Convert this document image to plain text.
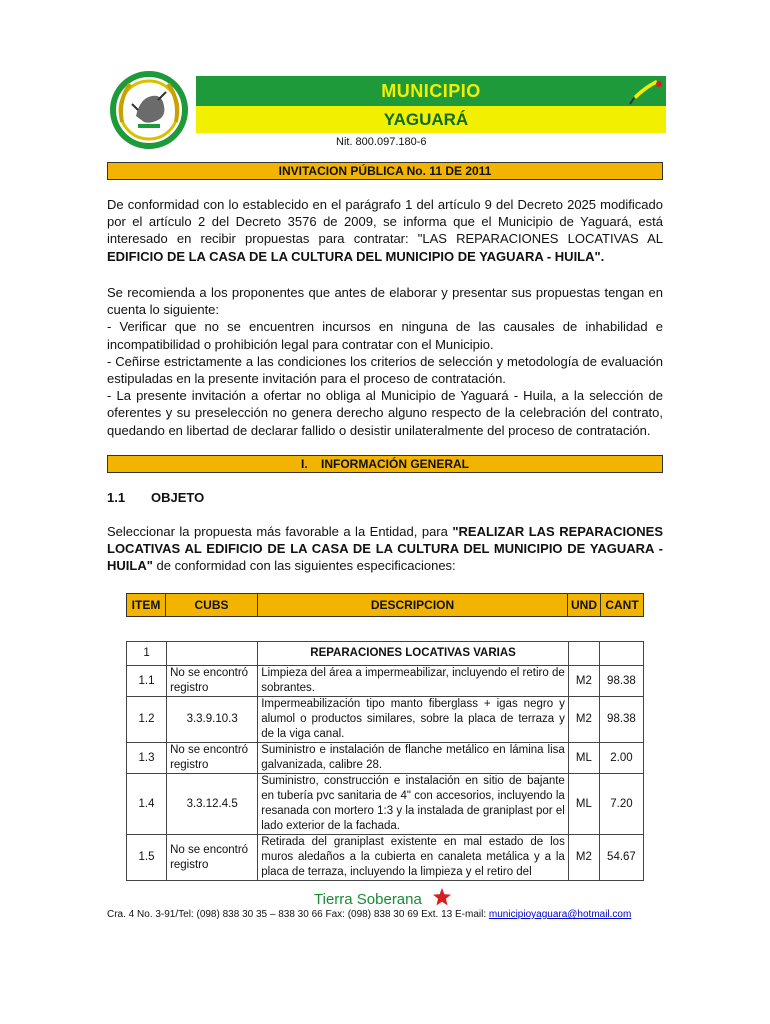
MUNICIPIO
YAGUARÁ
Nit. 800.097.180-6
INVITACION PÚBLICA No. 11 DE 2011
De conformidad con lo establecido en el parágrafo 1 del artículo 9 del Decreto 2025 modificado
por el artículo 2 del Decreto 3576 de 2009, se informa que el Municipio de Yaguará, está
interesado en recibir propuestas para contratar: "LAS REPARACIONES LOCATIVAS AL
EDIFICIO DE LA CASA DE LA CULTURA DEL MUNICIPIO DE YAGUARA - HUILA".
Se recomienda a los proponentes que antes de elaborar y presentar sus propuestas tengan en
cuenta lo siguiente:
- Verificar que no se encuentren incursos en ninguna de las causales de inhabilidad e
incompatibilidad o prohibición legal para contratar con el Municipio.
- Ceñirse estrictamente a las condiciones los criterios de selección y metodología de evaluación
estipuladas en la presente invitación para el proceso de contratación.
- La presente invitación a ofertar no obliga al Municipio de Yaguará - Huila, a la selección de
oferentes y su preselección no genera derecho alguno respecto de la celebración del contrato,
quedando en libertad de declarar fallido o desistir unilateralmente del proceso de contratación.
I.    INFORMACIÓN GENERAL
1.1 OBJETO
Seleccionar la propuesta más favorable a la Entidad, para "REALIZAR LAS REPARACIONES
LOCATIVAS AL EDIFICIO DE LA CASA DE LA CULTURA DEL MUNICIPIO DE YAGUARA -
HUILA" de conformidad con las siguientes especificaciones:
ITEM	CUBS	DESCRIPCION	UND CANT
1		REPARACIONES LOCATIVAS VARIAS		
1.1	No se encontró registro	Limpieza del área a impermeabilizar, incluyendo el retiro de sobrantes.	M2	98.38
1.2	3.3.9.10.3	Impermeabilización tipo manto fiberglass + igas negro y alumol o productos similares, sobre la placa de terraza y de la viga canal.	M2	98.38
1.3	No se encontró registro	Suministro e instalación de flanche metálico en lámina lisa galvanizada, calibre 28.	ML	2.00
1.4	3.3.12.4.5	Suministro, construcción e instalación en sitio de bajante en tubería pvc sanitaria de 4" con accesorios, incluyendo la resanada con mortero 1:3 y la instalada de graniplast por el lado exterior de la fachada.	ML	7.20
1.5	No se encontró registro	Retirada del graniplast existente en mal estado de los muros aledaños a la cubierta en canaleta metálica y a la placa de terraza, incluyendo la limpieza y el retiro del	M2	54.67
Tierra Soberana
Cra. 4 No. 3-91/Tel: (098) 838 30 35 – 838 30 66 Fax: (098) 838 30 69 Ext. 13 E-mail: municipioyaguara@hotmail.com
